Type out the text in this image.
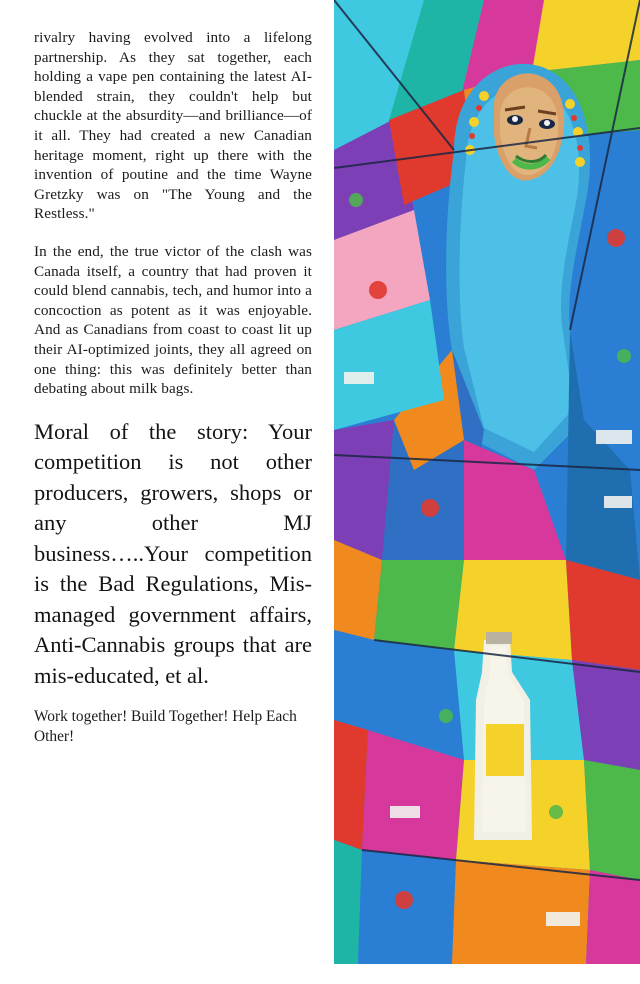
rivalry having evolved into a lifelong partnership. As they sat together, each holding a vape pen containing the latest AI-blended strain, they couldn't help but chuckle at the absurdity—and brilliance—of it all. They had created a new Canadian heritage moment, right up there with the invention of poutine and the time Wayne Gretzky was on "The Young and the Restless."

In the end, the true victor of the clash was Canada itself, a country that had proven it could blend cannabis, tech, and humor into a concoction as potent as it was enjoyable. And as Canadians from coast to coast lit up their AI-optimized joints, they all agreed on one thing: this was definitely better than debating about milk bags.

Moral of the story: Your competition is not other producers, growers, shops or any other MJ business…..Your competition is the Bad Regulations, Mis-managed government affairs, Anti-Cannabis groups that are mis-educated, et al.

Work together! Build Together! Help Each Other!
